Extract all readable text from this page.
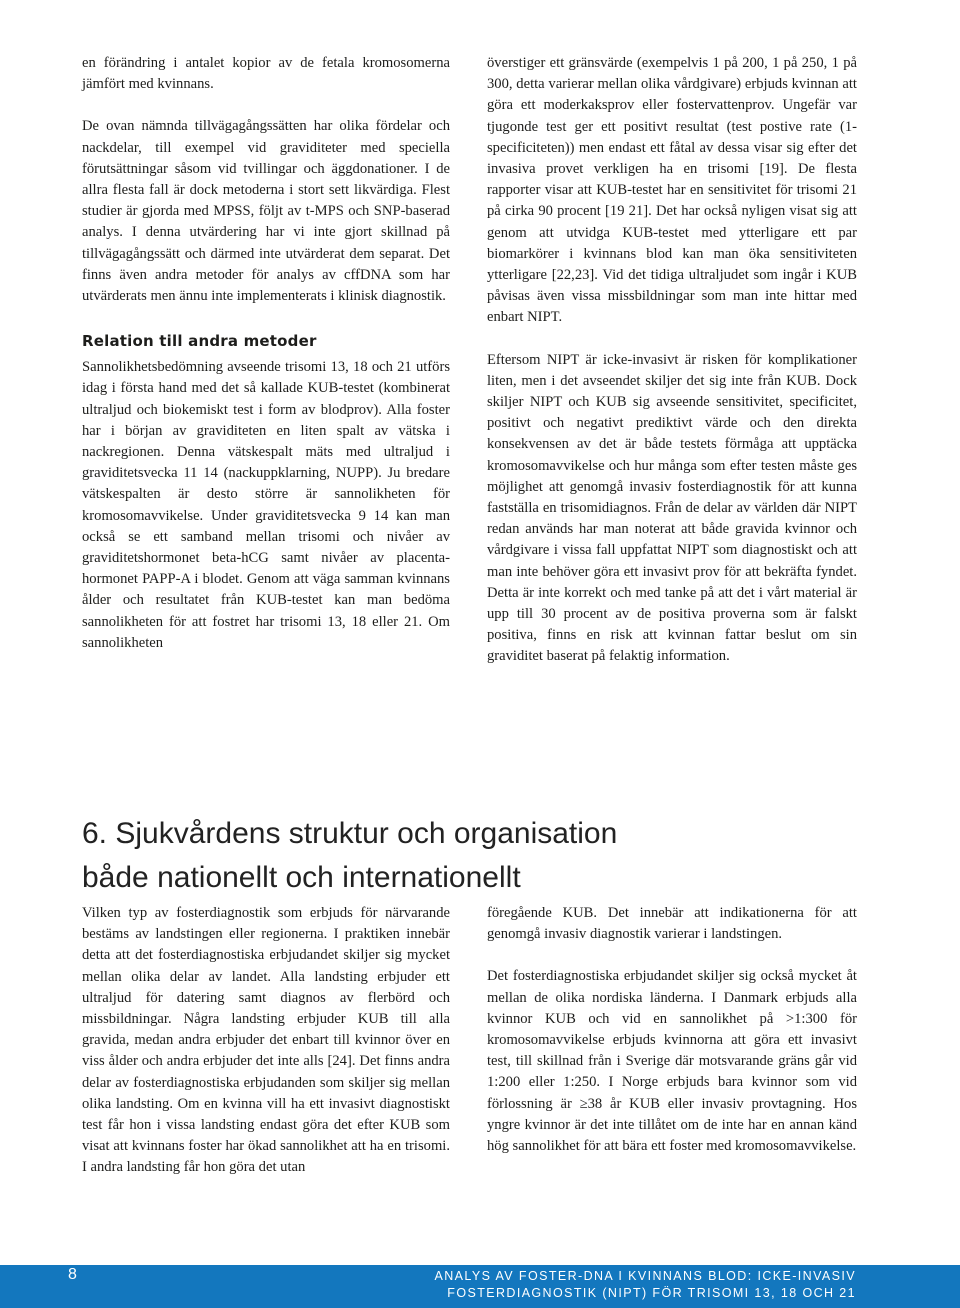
en förändring i antalet kopior av de fetala kromosomerna jämfört med kvinnans.

De ovan nämnda tillvägagångssätten har olika fördelar och nackdelar, till exempel vid graviditeter med speciella förutsättningar såsom vid tvillingar och äggdonationer. I de allra flesta fall är dock metoderna i stort sett likvärdiga. Flest studier är gjorda med MPSS, följt av t-MPS och SNP-baserad analys. I denna utvärdering har vi inte gjort skillnad på tillvägagångssätt och därmed inte utvärderat dem separat. Det finns även andra metoder för analys av cffDNA som har utvärderats men ännu inte implementerats i klinisk diagnostik.

Relation till andra metoder

Sannolikhetsbedömning avseende trisomi 13, 18 och 21 utförs idag i första hand med det så kallade KUB-testet (kombinerat ultraljud och biokemiskt test i form av blodprov). Alla foster har i början av graviditeten en liten spalt av vätska i nackregionen. Denna vätskespalt mäts med ultraljud i graviditetsvecka 11 14 (nackuppklarning, NUPP). Ju bredare vätskespalten är desto större är sannolikheten för kromosomavvikelse. Under graviditetsvecka 9 14 kan man också se ett samband mellan trisomi och nivåer av graviditetshormonet beta-hCG samt nivåer av placenta-hormonet PAPP-A i blodet. Genom att väga samman kvinnans ålder och resultatet från KUB-testet kan man bedöma sannolikheten för att fostret har trisomi 13, 18 eller 21. Om sannolikheten

överstiger ett gränsvärde (exempelvis 1 på 200, 1 på 250, 1 på 300, detta varierar mellan olika vårdgivare) erbjuds kvinnan att göra ett moderkaksprov eller fostervattenprov. Ungefär var tjugonde test ger ett positivt resultat (test postive rate (1-specificiteten)) men endast ett fåtal av dessa visar sig efter det invasiva provet verkligen ha en trisomi [19]. De flesta rapporter visar att KUB-testet har en sensitivitet för trisomi 21 på cirka 90 procent [19 21]. Det har också nyligen visat sig att genom att utvidga KUB-testet med ytterligare ett par biomarkörer i kvinnans blod kan man öka sensitiviteten ytterligare [22,23]. Vid det tidiga ultraljudet som ingår i KUB påvisas även vissa missbildningar som man inte hittar med enbart NIPT.

Eftersom NIPT är icke-invasivt är risken för komplikationer liten, men i det avseendet skiljer det sig inte från KUB. Dock skiljer NIPT och KUB sig avseende sensitivitet, specificitet, positivt och negativt prediktivt värde och den direkta konsekvensen av det är både testets förmåga att upptäcka kromosomavvikelse och hur många som efter testen måste ges möjlighet att genomgå invasiv fosterdiagnostik för att kunna fastställa en trisomidiagnos. Från de delar av världen där NIPT redan används har man noterat att både gravida kvinnor och vårdgivare i vissa fall uppfattat NIPT som diagnostiskt och att man inte behöver göra ett invasivt prov för att bekräfta fyndet. Detta är inte korrekt och med tanke på att det i vårt material är upp till 30 procent av de positiva proverna som är falskt positiva, finns en risk att kvinnan fattar beslut om sin graviditet baserat på felaktig information.

6. Sjukvårdens struktur och organisation
både nationellt och internationellt

Vilken typ av fosterdiagnostik som erbjuds för närvarande bestäms av landstingen eller regionerna. I praktiken innebär detta att det fosterdiagnostiska erbjudandet skiljer sig mycket mellan olika delar av landet. Alla landsting erbjuder ett ultraljud för datering samt diagnos av flerbörd och missbildningar. Några landsting erbjuder KUB till alla gravida, medan andra erbjuder det enbart till kvinnor över en viss ålder och andra erbjuder det inte alls [24]. Det finns andra delar av fosterdiagnostiska erbjudanden som skiljer sig mellan olika landsting. Om en kvinna vill ha ett invasivt diagnostiskt test får hon i vissa landsting endast göra det efter KUB som visat att kvinnans foster har ökad sannolikhet att ha en trisomi. I andra landsting får hon göra det utan

föregående KUB. Det innebär att indikationerna för att genomgå invasiv diagnostik varierar i landstingen.

Det fosterdiagnostiska erbjudandet skiljer sig också mycket åt mellan de olika nordiska länderna. I Danmark erbjuds alla kvinnor KUB och vid en sannolikhet på >1:300 för kromosomavvikelse erbjuds kvinnorna att göra ett invasivt test, till skillnad från i Sverige där motsvarande gräns går vid 1:200 eller 1:250. I Norge erbjuds bara kvinnor som vid förlossning är ≥38 år KUB eller invasiv provtagning. Hos yngre kvinnor är det inte tillåtet om de inte har en annan känd hög sannolikhet för att bära ett foster med kromosomavvikelse.

8	ANALYS AV FOSTER-DNA I KVINNANS BLOD: ICKE-INVASIV
FOSTERDIAGNOSTIK (NIPT) FÖR TRISOMI 13, 18 OCH 21
